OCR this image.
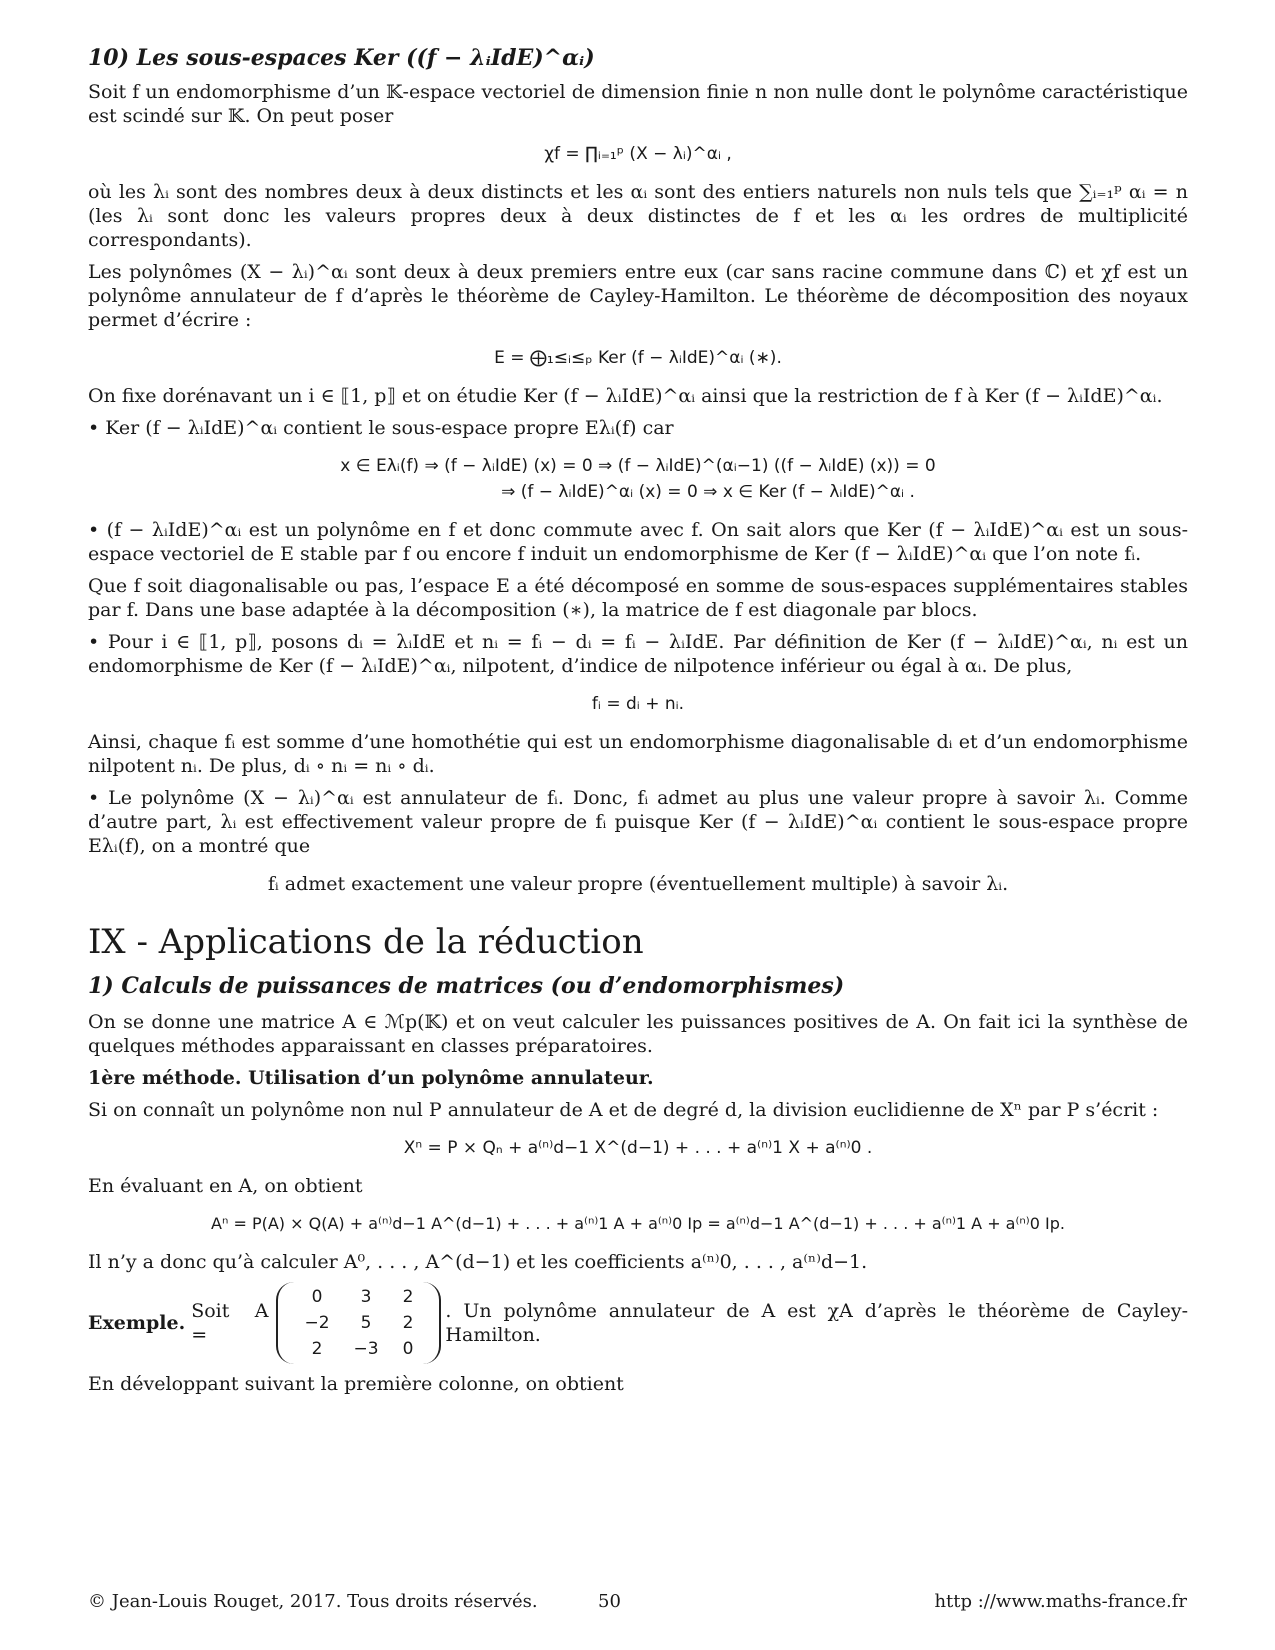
10) Les sous-espaces Ker ((f − λᵢIdE)^αᵢ)

Soit f un endomorphisme d’un 𝕂-espace vectoriel de dimension finie n non nulle dont le polynôme caractéristique est scindé sur 𝕂. On peut poser

χf = ∏ᵢ₌₁ᵖ (X − λᵢ)^αᵢ ,

où les λᵢ sont des nombres deux à deux distincts et les αᵢ sont des entiers naturels non nuls tels que ∑ᵢ₌₁ᵖ αᵢ = n (les λᵢ sont donc les valeurs propres deux à deux distinctes de f et les αᵢ les ordres de multiplicité correspondants).

Les polynômes (X − λᵢ)^αᵢ sont deux à deux premiers entre eux (car sans racine commune dans ℂ) et χf est un polynôme annulateur de f d’après le théorème de Cayley-Hamilton. Le théorème de décomposition des noyaux permet d’écrire :

E = ⨁₁≤ᵢ≤ₚ Ker (f − λᵢIdE)^αᵢ (∗).

On fixe dorénavant un i ∈ ⟦1, p⟧ et on étudie Ker (f − λᵢIdE)^αᵢ ainsi que la restriction de f à Ker (f − λᵢIdE)^αᵢ.

• Ker (f − λᵢIdE)^αᵢ contient le sous-espace propre Eλᵢ(f) car

x ∈ Eλᵢ(f) ⇒ (f − λᵢIdE) (x) = 0 ⇒ (f − λᵢIdE)^(αᵢ−1) ((f − λᵢIdE) (x)) = 0
⇒ (f − λᵢIdE)^αᵢ (x) = 0 ⇒ x ∈ Ker (f − λᵢIdE)^αᵢ .

• (f − λᵢIdE)^αᵢ est un polynôme en f et donc commute avec f. On sait alors que Ker (f − λᵢIdE)^αᵢ est un sous-espace vectoriel de E stable par f ou encore f induit un endomorphisme de Ker (f − λᵢIdE)^αᵢ que l’on note fᵢ.

Que f soit diagonalisable ou pas, l’espace E a été décomposé en somme de sous-espaces supplémentaires stables par f. Dans une base adaptée à la décomposition (∗), la matrice de f est diagonale par blocs.

• Pour i ∈ ⟦1, p⟧, posons dᵢ = λᵢIdE et nᵢ = fᵢ − dᵢ = fᵢ − λᵢIdE. Par définition de Ker (f − λᵢIdE)^αᵢ, nᵢ est un endomorphisme de Ker (f − λᵢIdE)^αᵢ, nilpotent, d’indice de nilpotence inférieur ou égal à αᵢ. De plus,

fᵢ = dᵢ + nᵢ.

Ainsi, chaque fᵢ est somme d’une homothétie qui est un endomorphisme diagonalisable dᵢ et d’un endomorphisme nilpotent nᵢ. De plus, dᵢ ∘ nᵢ = nᵢ ∘ dᵢ.

• Le polynôme (X − λᵢ)^αᵢ est annulateur de fᵢ. Donc, fᵢ admet au plus une valeur propre à savoir λᵢ. Comme d’autre part, λᵢ est effectivement valeur propre de fᵢ puisque Ker (f − λᵢIdE)^αᵢ contient le sous-espace propre Eλᵢ(f), on a montré que

fᵢ admet exactement une valeur propre (éventuellement multiple) à savoir λᵢ.
IX - Applications de la réduction
1) Calculs de puissances de matrices (ou d’endomorphismes)

On se donne une matrice A ∈ ℳp(𝕂) et on veut calculer les puissances positives de A. On fait ici la synthèse de quelques méthodes apparaissant en classes préparatoires.

1ère méthode. Utilisation d’un polynôme annulateur.

Si on connaît un polynôme non nul P annulateur de A et de degré d, la division euclidienne de Xⁿ par P s’écrit :

Xⁿ = P × Qₙ + a⁽ⁿ⁾d−1 X^(d−1) + . . . + a⁽ⁿ⁾1 X + a⁽ⁿ⁾0 .

En évaluant en A, on obtient

Aⁿ = P(A) × Q(A) + a⁽ⁿ⁾d−1 A^(d−1) + . . . + a⁽ⁿ⁾1 A + a⁽ⁿ⁾0 Ip = a⁽ⁿ⁾d−1 A^(d−1) + . . . + a⁽ⁿ⁾1 A + a⁽ⁿ⁾0 Ip.

Il n’y a donc qu’à calculer A⁰, . . . , A^(d−1) et les coefficients a⁽ⁿ⁾0, . . . , a⁽ⁿ⁾d−1.

Exemple.
Soit A =
0	3	2
−2	5	2
2	−3	0
. Un polynôme annulateur de A est χA d’après le théorème de Cayley-Hamilton.

En développant suivant la première colonne, on obtient

© Jean-Louis Rouget, 2017. Tous droits réservés.	50	http ://www.maths-france.fr
